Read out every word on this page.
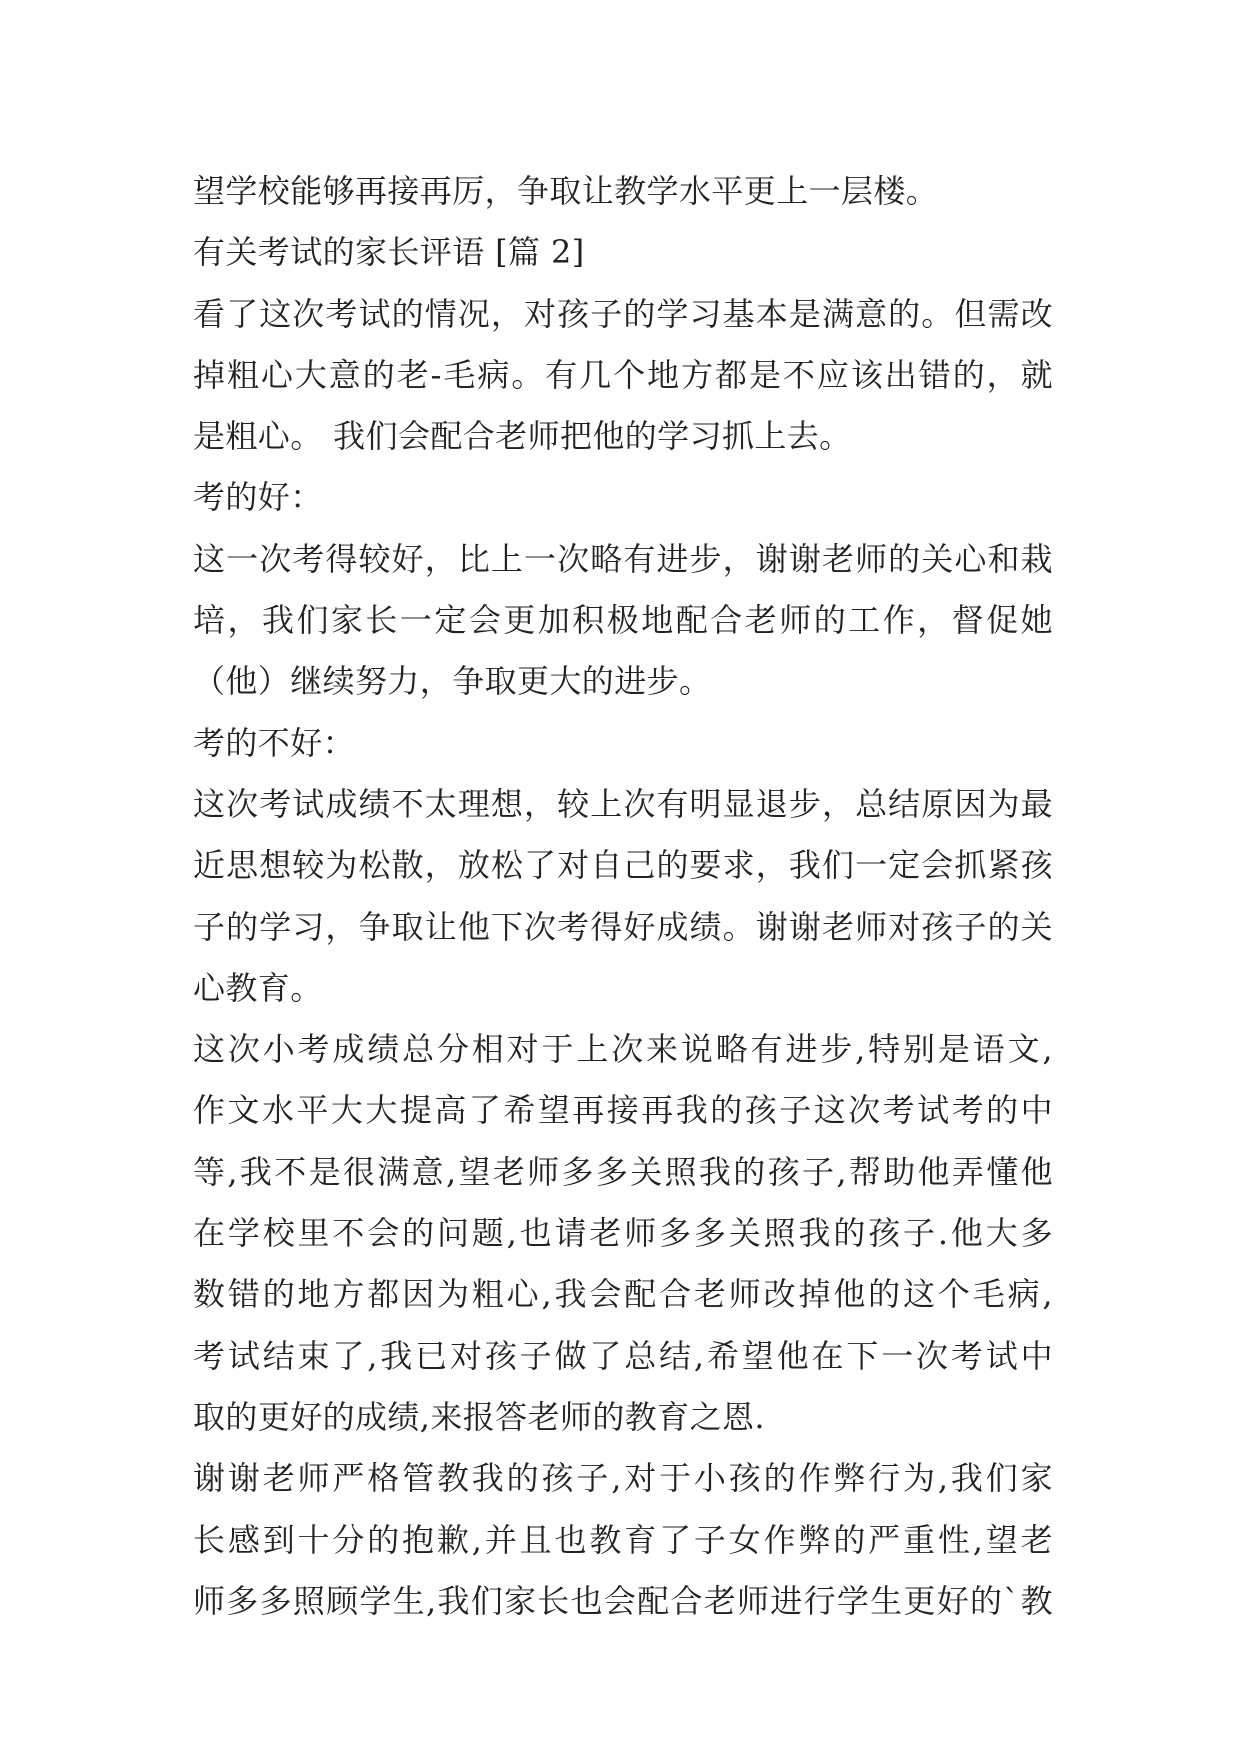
望学校能够再接再厉，争取让教学水平更上一层楼。
有关考试的家长评语 [篇 2]
看了这次考试的情况，对孩子的学习基本是满意的。但需改
掉粗心大意的老-毛病。有几个地方都是不应该出错的，就
是粗心。 我们会配合老师把他的学习抓上去。
考的好：
这一次考得较好，比上一次略有进步，谢谢老师的关心和栽
培，我们家长一定会更加积极地配合老师的工作，督促她
（他）继续努力，争取更大的进步。
考的不好：
这次考试成绩不太理想，较上次有明显退步，总结原因为最
近思想较为松散，放松了对自己的要求，我们一定会抓紧孩
子的学习，争取让他下次考得好成绩。谢谢老师对孩子的关
心教育。
这次小考成绩总分相对于上次来说略有进步,特别是语文,
作文水平大大提高了希望再接再我的孩子这次考试考的中
等,我不是很满意,望老师多多关照我的孩子,帮助他弄懂他
在学校里不会的问题,也请老师多多关照我的孩子.他大多
数错的地方都因为粗心,我会配合老师改掉他的这个毛病,
考试结束了,我已对孩子做了总结,希望他在下一次考试中
取的更好的成绩,来报答老师的教育之恩.
谢谢老师严格管教我的孩子,对于小孩的作弊行为,我们家
长感到十分的抱歉,并且也教育了子女作弊的严重性,望老
师多多照顾学生,我们家长也会配合老师进行学生更好的`教
